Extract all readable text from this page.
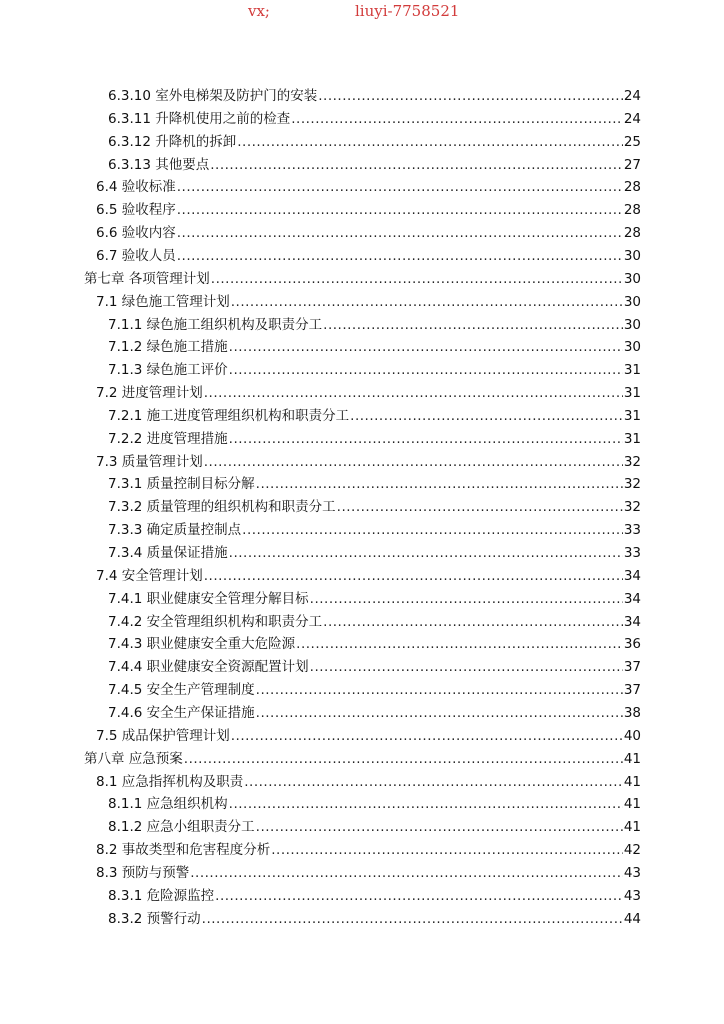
vx;	liuyi-7758521
6.3.10 室外电梯架及防护门的安装 .....	24
6.3.11 升降机使用之前的检查 .....	24
6.3.12 升降机的拆卸 .....	25
6.3.13 其他要点 .....	27
6.4 验收标准 .....	28
6.5 验收程序 .....	28
6.6 验收内容 .....	28
6.7 验收人员 .....	30
第七章 各项管理计划 .....	30
7.1 绿色施工管理计划 .....	30
7.1.1 绿色施工组织机构及职责分工 .....	30
7.1.2 绿色施工措施 .....	30
7.1.3 绿色施工评价 .....	31
7.2 进度管理计划 .....	31
7.2.1 施工进度管理组织机构和职责分工 .....	31
7.2.2 进度管理措施 .....	31
7.3 质量管理计划 .....	32
7.3.1 质量控制目标分解 .....	32
7.3.2 质量管理的组织机构和职责分工 .....	32
7.3.3 确定质量控制点 .....	33
7.3.4 质量保证措施 .....	33
7.4 安全管理计划 .....	34
7.4.1 职业健康安全管理分解目标 .....	34
7.4.2 安全管理组织机构和职责分工 .....	34
7.4.3 职业健康安全重大危险源 .....	36
7.4.4 职业健康安全资源配置计划 .....	37
7.4.5 安全生产管理制度 .....	37
7.4.6 安全生产保证措施 .....	38
7.5 成品保护管理计划 .....	40
第八章 应急预案 .....	41
8.1 应急指挥机构及职责 .....	41
8.1.1 应急组织机构 .....	41
8.1.2 应急小组职责分工 .....	41
8.2 事故类型和危害程度分析 .....	42
8.3 预防与预警 .....	43
8.3.1 危险源监控 .....	43
8.3.2 预警行动 .....	44
